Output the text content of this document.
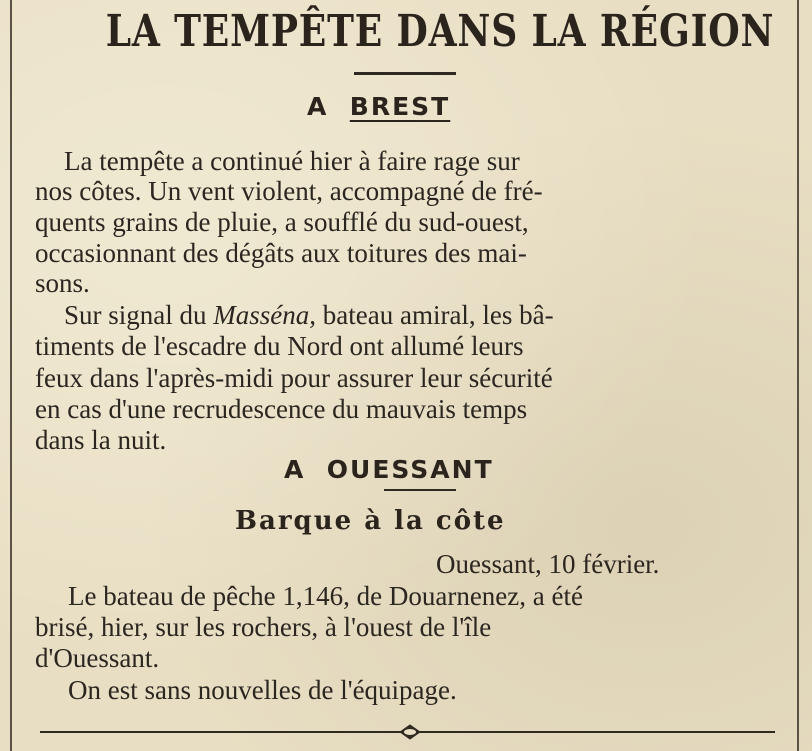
LA TEMPÊTE DANS LA RÉGION
A BREST
La tempête a continué hier à faire rage sur
nos côtes. Un vent violent, accompagné de fré-
quents grains de pluie, a soufflé du sud-ouest,
occasionnant des dégâts aux toitures des mai-
sons.
Sur signal du Masséna, bateau amiral, les bâ-
timents de l'escadre du Nord ont allumé leurs
feux dans l'après-midi pour assurer leur sécurité
en cas d'une recrudescence du mauvais temps
dans la nuit.
A OUESSANT
Barque à la côte
Ouessant, 10 février.
Le bateau de pêche 1,146, de Douarnenez, a été
brisé, hier, sur les rochers, à l'ouest de l'île
d'Ouessant.
On est sans nouvelles de l'équipage.
